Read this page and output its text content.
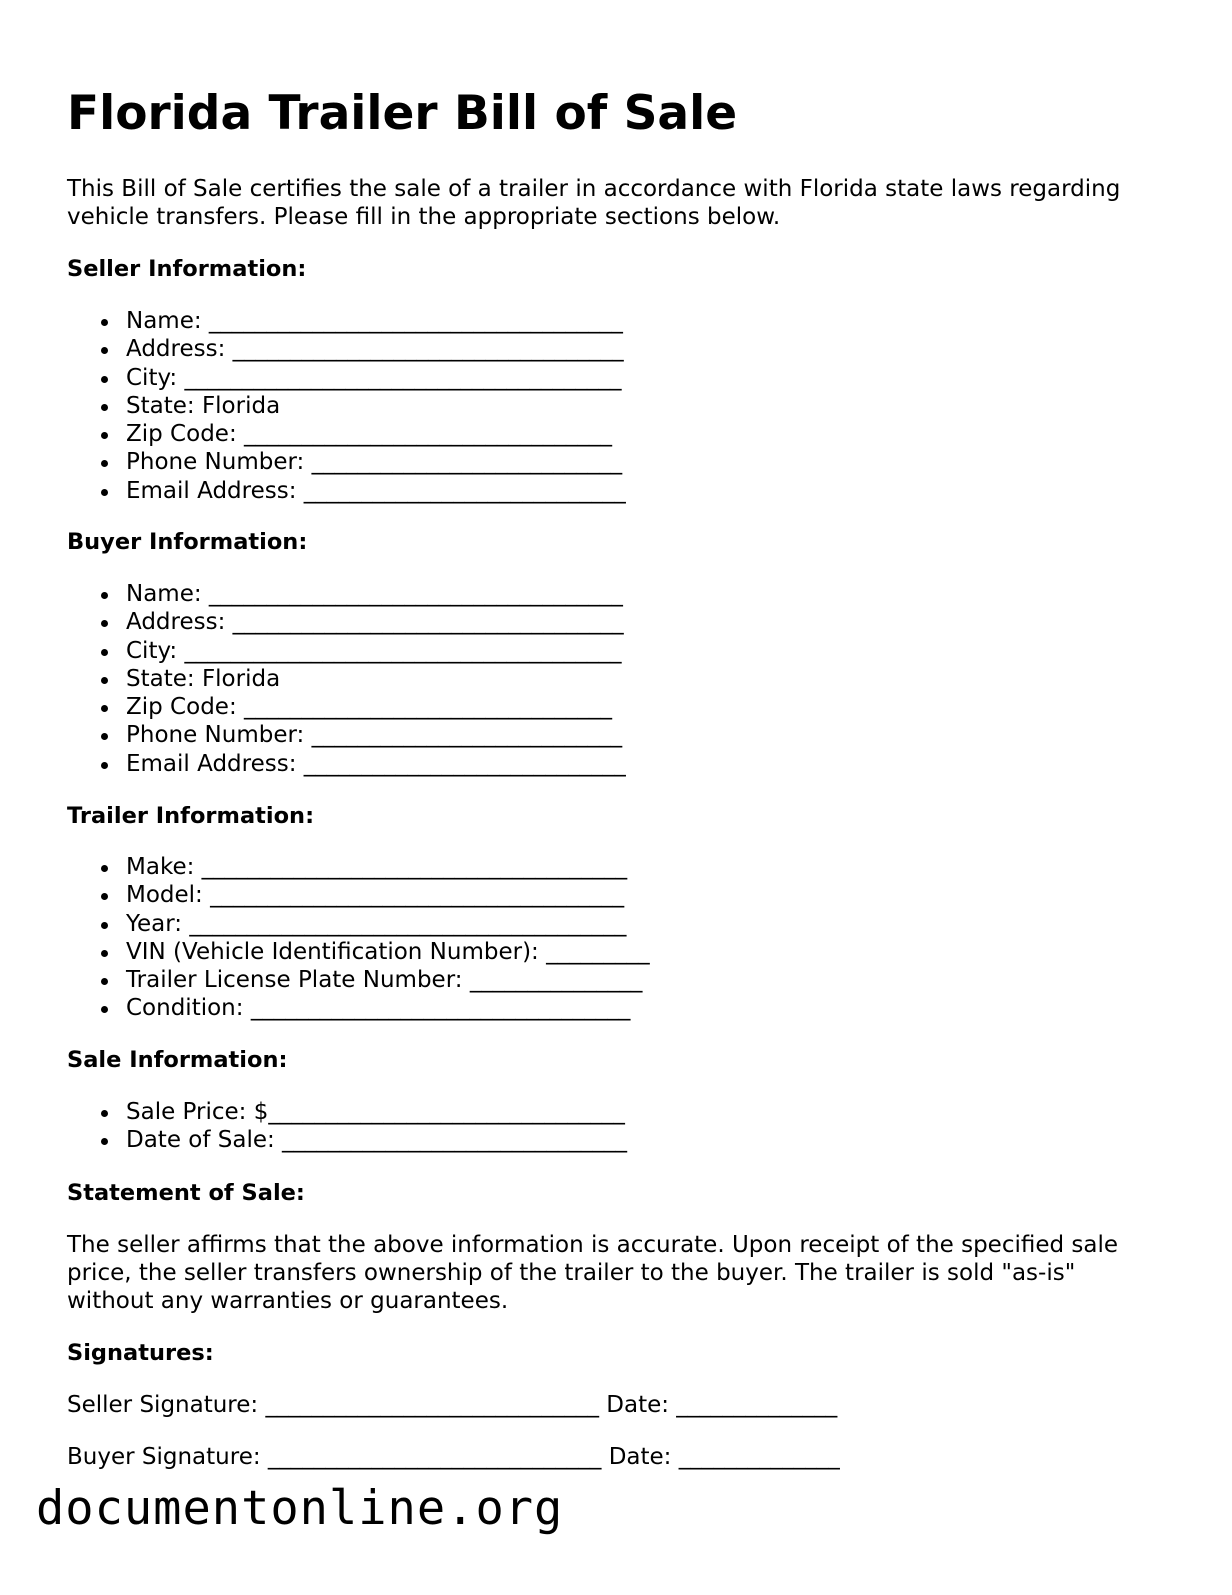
Florida Trailer Bill of Sale

This Bill of Sale certifies the sale of a trailer in accordance with Florida state laws regarding vehicle transfers. Please fill in the appropriate sections below.

Seller Information:
Name: ____________________________________
Address: __________________________________
City: ______________________________________
State: Florida
Zip Code: ________________________________
Phone Number: ___________________________
Email Address: ____________________________
Buyer Information:
Name: ____________________________________
Address: __________________________________
City: ______________________________________
State: Florida
Zip Code: ________________________________
Phone Number: ___________________________
Email Address: ____________________________
Trailer Information:
Make: _____________________________________
Model: ____________________________________
Year: ______________________________________
VIN (Vehicle Identification Number): _________
Trailer License Plate Number: _______________
Condition: _________________________________
Sale Information:
Sale Price: $_______________________________
Date of Sale: ______________________________
Statement of Sale:

The seller affirms that the above information is accurate. Upon receipt of the specified sale price, the seller transfers ownership of the trailer to the buyer. The trailer is sold "as-is" without any warranties or guarantees.

Signatures:

Seller Signature: _____________________________ Date: ______________

Buyer Signature: _____________________________ Date: ______________

documentonline.org
